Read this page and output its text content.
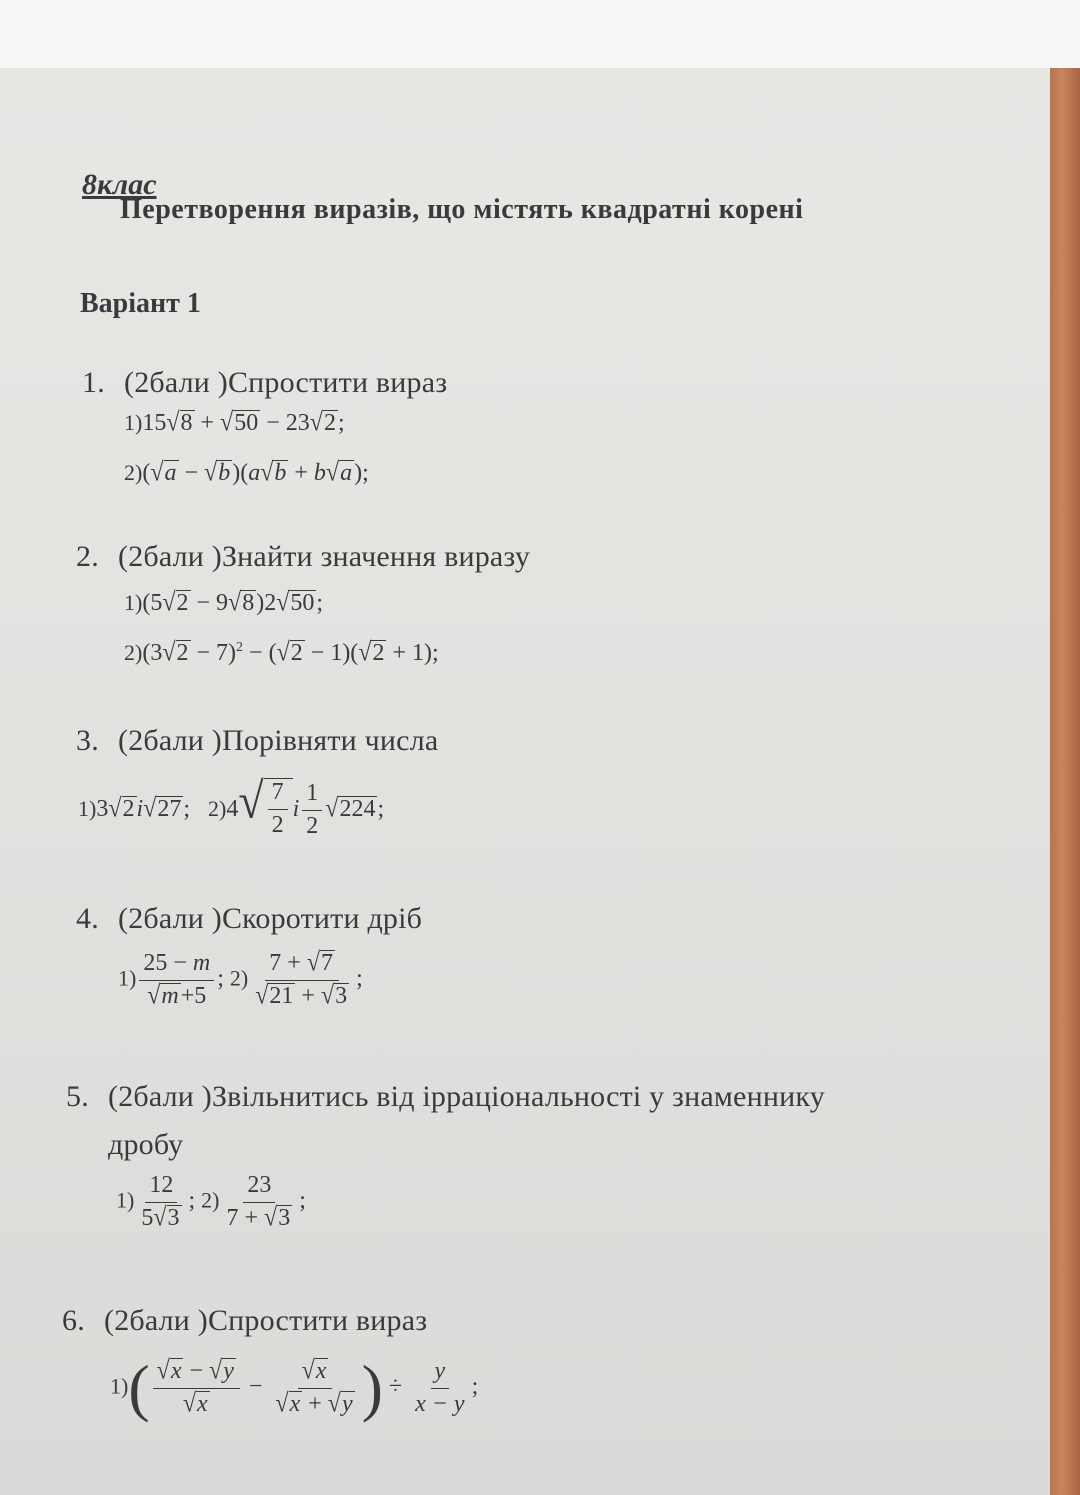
8клас
Перетворення виразів, що містять квадратні корені
Варіант 1
1. (2бали )Спростити вираз
1)15 √ 8 + √ 50 − 23 √ 2 ;
2)( √ a − √ b )(a √ b + b √ a );
2. (2бали )Знайти значення виразу
1)(5 √ 2 − 9 √ 8 )2 √ 50 ;
2)(3 √ 2 − 7)$^2$ − ( √ 2 − 1)( √ 2 + 1);
3. (2бали )Порівняти числа
1)3 √ 2 і √ 27 ; 2)4 √ $\frac{7}{2}$ і $\frac{1}{2}$ √ 224 ;
4. (2бали )Скоротити дріб
$1) \frac{25 - m}{√ m +5}$ ; $2) \frac{7 + √ 7}{√ 21 + √ 3}$ ;
5. (2бали )Звільнитись від ірраціональності у знаменнику
дробу
$1) \frac{12}{5 √ 3}$ ; $2) \frac{23}{7 + √ 3}$ ;
6. (2бали )Спростити вираз
$1)( \frac{√ x - √ y}{√ x} - \frac{√ x}{√ x + √ y}$ ) ÷ $\frac{y}{x - y}$ ;
